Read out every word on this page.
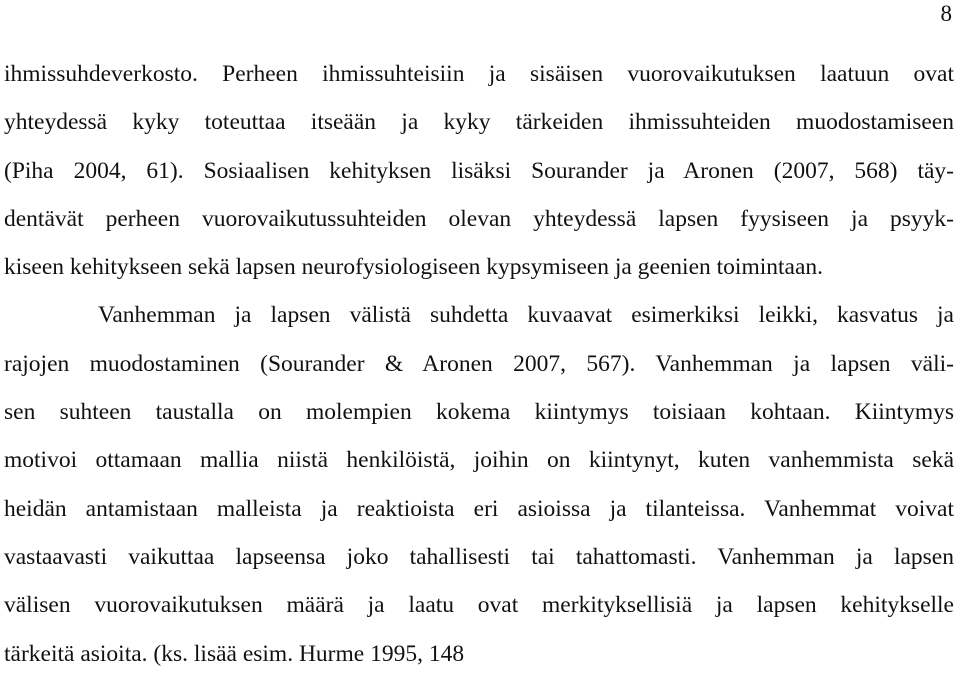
8
ihmissuhdeverkosto. Perheen ihmissuhteisiin ja sisäisen vuorovaikutuksen laatuun ovat
yhteydessä kyky toteuttaa itseään ja kyky tärkeiden ihmissuhteiden muodostamiseen
(Piha 2004, 61). Sosiaalisen kehityksen lisäksi Sourander ja Aronen (2007, 568) täy-
dentävät perheen vuorovaikutussuhteiden olevan yhteydessä lapsen fyysiseen ja psyyk-
kiseen kehitykseen sekä lapsen neurofysiologiseen kypsymiseen ja geenien toimintaan.
Vanhemman ja lapsen välistä suhdetta kuvaavat esimerkiksi leikki, kasvatus ja
rajojen muodostaminen (Sourander & Aronen 2007, 567). Vanhemman ja lapsen väli-
sen suhteen taustalla on molempien kokema kiintymys toisiaan kohtaan. Kiintymys
motivoi ottamaan mallia niistä henkilöistä, joihin on kiintynyt, kuten vanhemmista sekä
heidän antamistaan malleista ja reaktioista eri asioissa ja tilanteissa. Vanhemmat voivat
vastaavasti vaikuttaa lapseensa joko tahallisesti tai tahattomasti. Vanhemman ja lapsen
välisen vuorovaikutuksen määrä ja laatu ovat merkityksellisiä ja lapsen kehitykselle
tärkeitä asioita. (ks. lisää esim. Hurme 1995, 148
